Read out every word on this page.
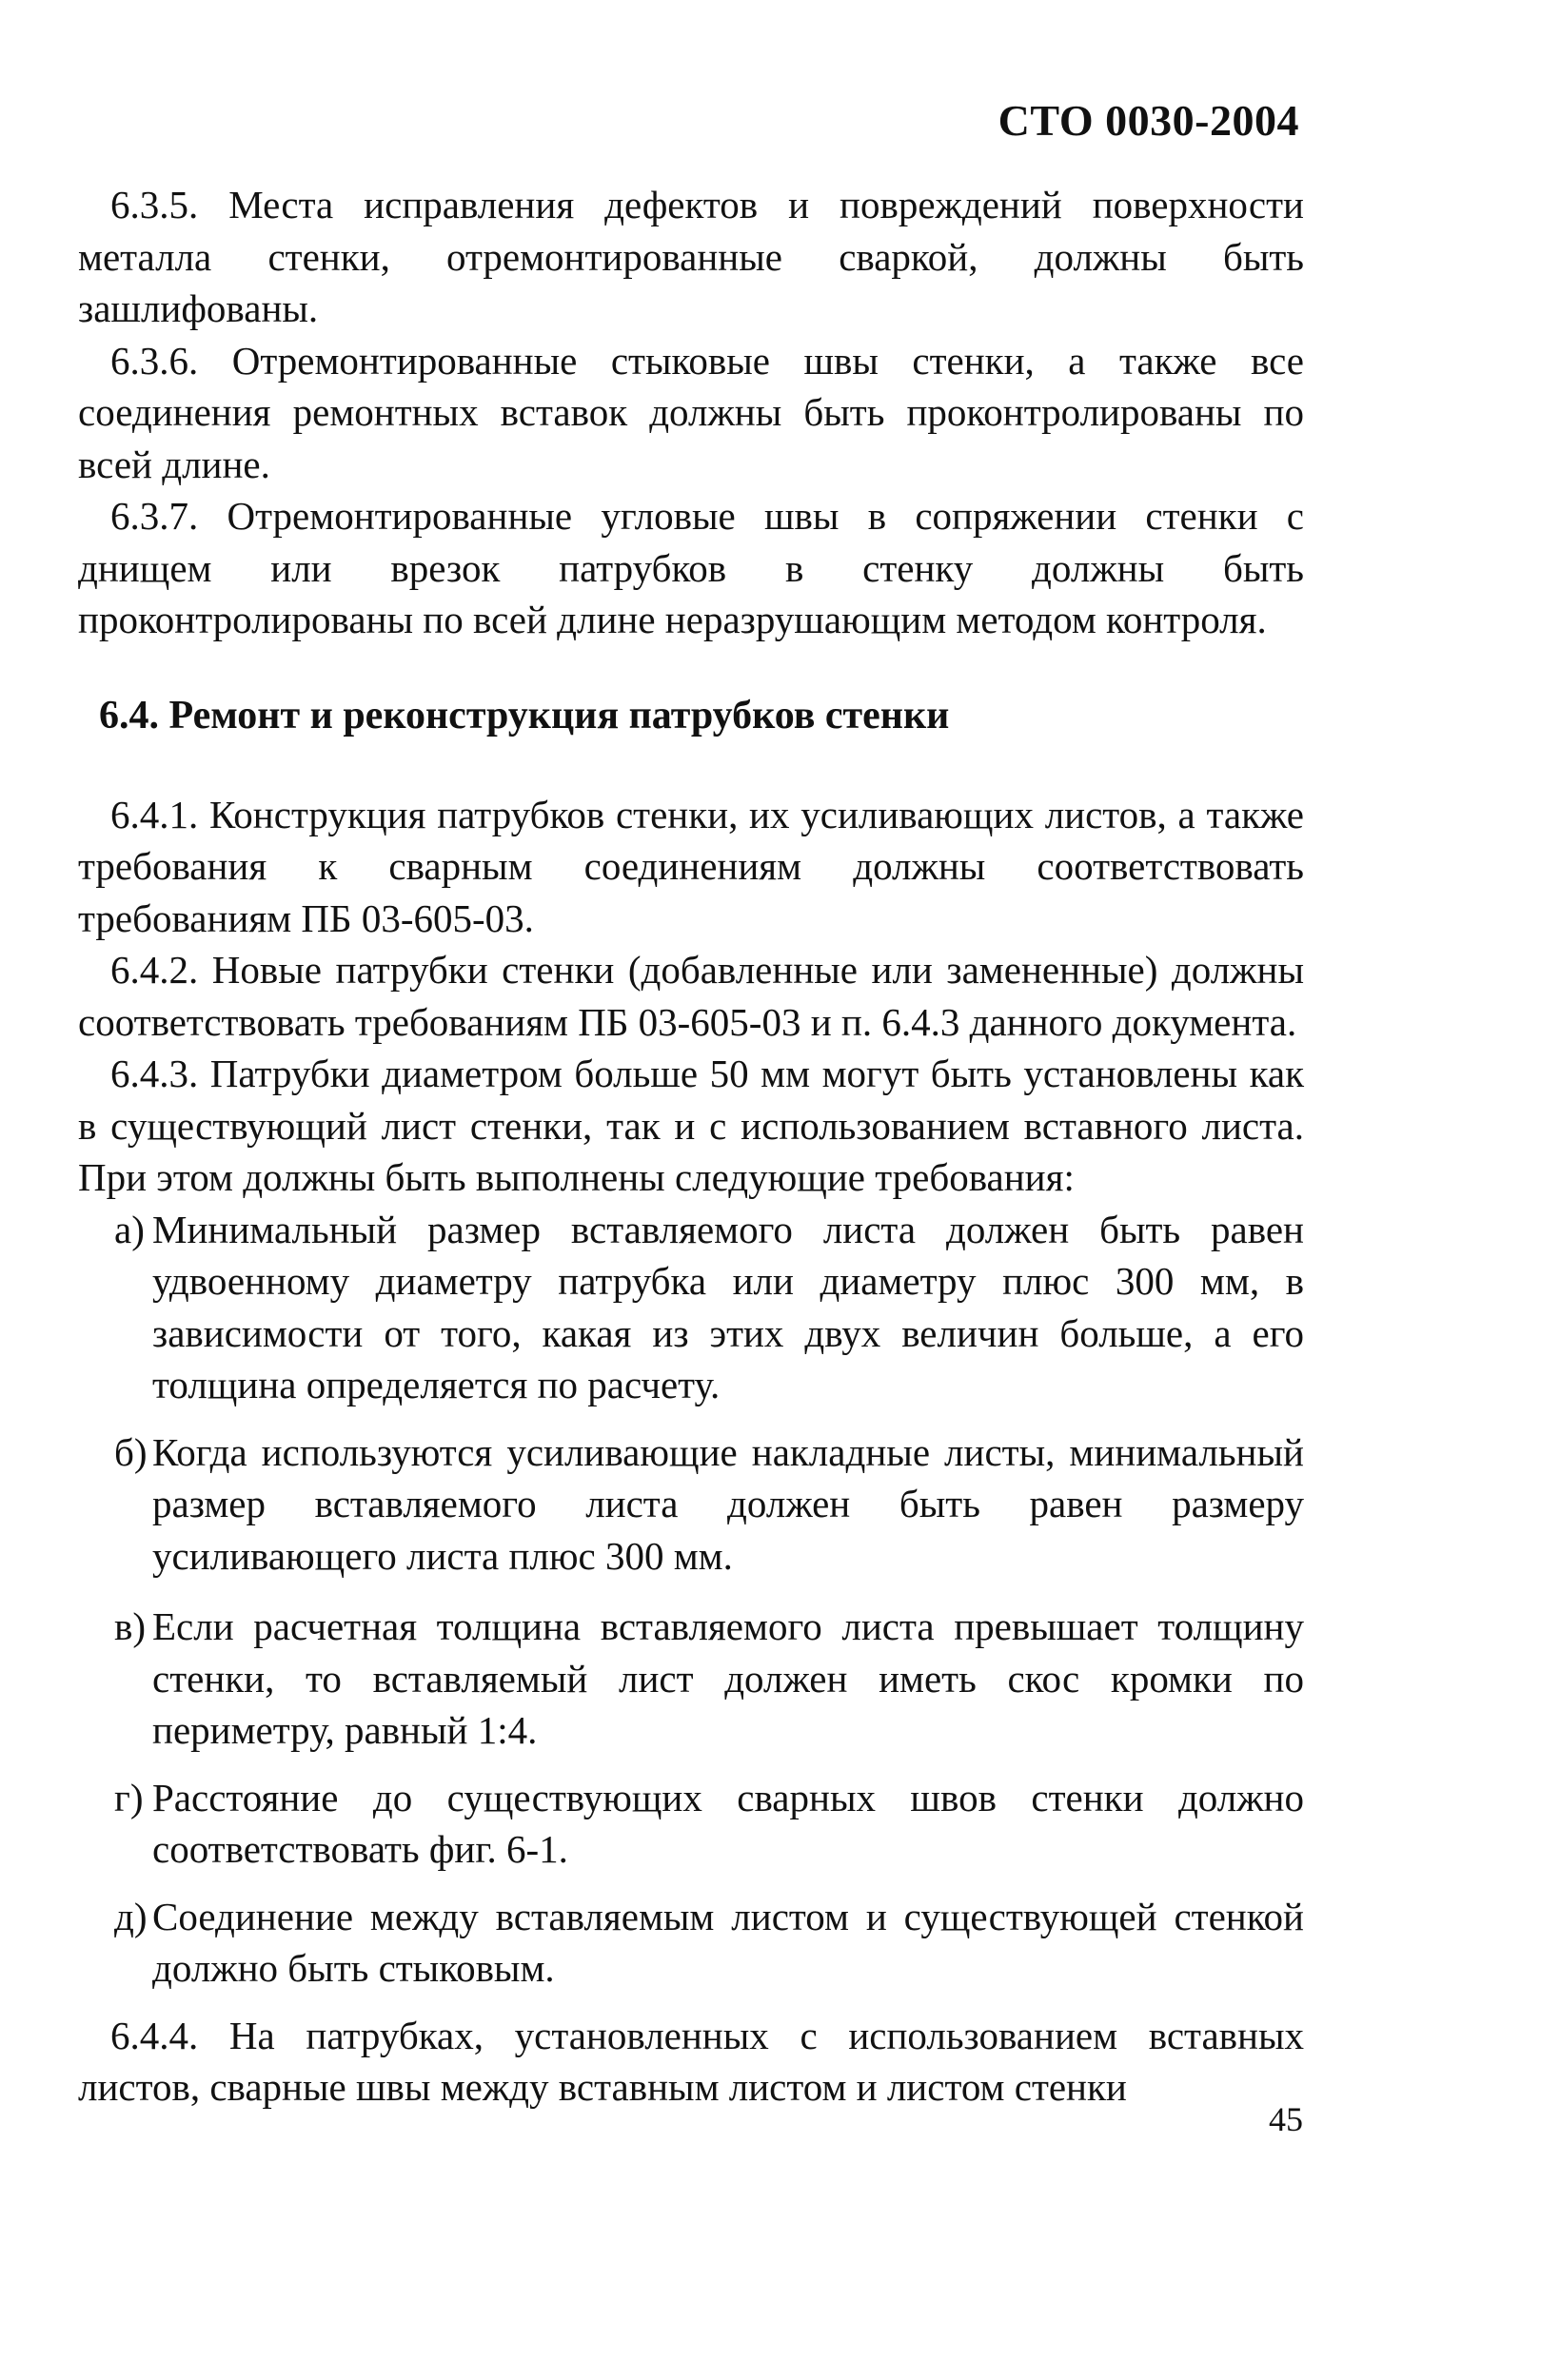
СТО 0030-2004

6.3.5. Места исправления дефектов и повреждений поверхности металла стенки, отремонтированные сваркой, должны быть зашлифованы.

6.3.6. Отремонтированные стыковые швы стенки, а также все соединения ремонтных вставок должны быть проконтролированы по всей длине.

6.3.7. Отремонтированные угловые швы в сопряжении стенки с днищем или врезок патрубков в стенку должны быть проконтролированы по всей длине неразрушающим методом контроля.

6.4. Ремонт и реконструкция патрубков стенки

6.4.1. Конструкция патрубков стенки, их усиливающих листов, а также требования к сварным соединениям должны соответствовать требованиям ПБ 03-605-03.

6.4.2. Новые патрубки стенки (добавленные или замененные) должны соответствовать требованиям ПБ 03-605-03 и п. 6.4.3 данного документа.

6.4.3. Патрубки диаметром больше 50 мм могут быть установлены как в существующий лист стенки, так и с использованием вставного листа. При этом должны быть выполнены следующие требования:

а) Минимальный размер вставляемого листа должен быть равен удвоенному диаметру патрубка или диаметру плюс 300 мм, в зависимости от того, какая из этих двух величин больше, а его толщина определяется по расчету.
б) Когда используются усиливающие накладные листы, минимальный размер вставляемого листа должен быть равен размеру усиливающего листа плюс 300 мм.
в) Если расчетная толщина вставляемого листа превышает толщину стенки, то вставляемый лист должен иметь скос кромки по периметру, равный 1:4.
г) Расстояние до существующих сварных швов стенки должно соответствовать фиг. 6-1.
д) Соединение между вставляемым листом и существующей стенкой должно быть стыковым.

6.4.4. На патрубках, установленных с использованием вставных листов, сварные швы между вставным листом и листом стенки

45
